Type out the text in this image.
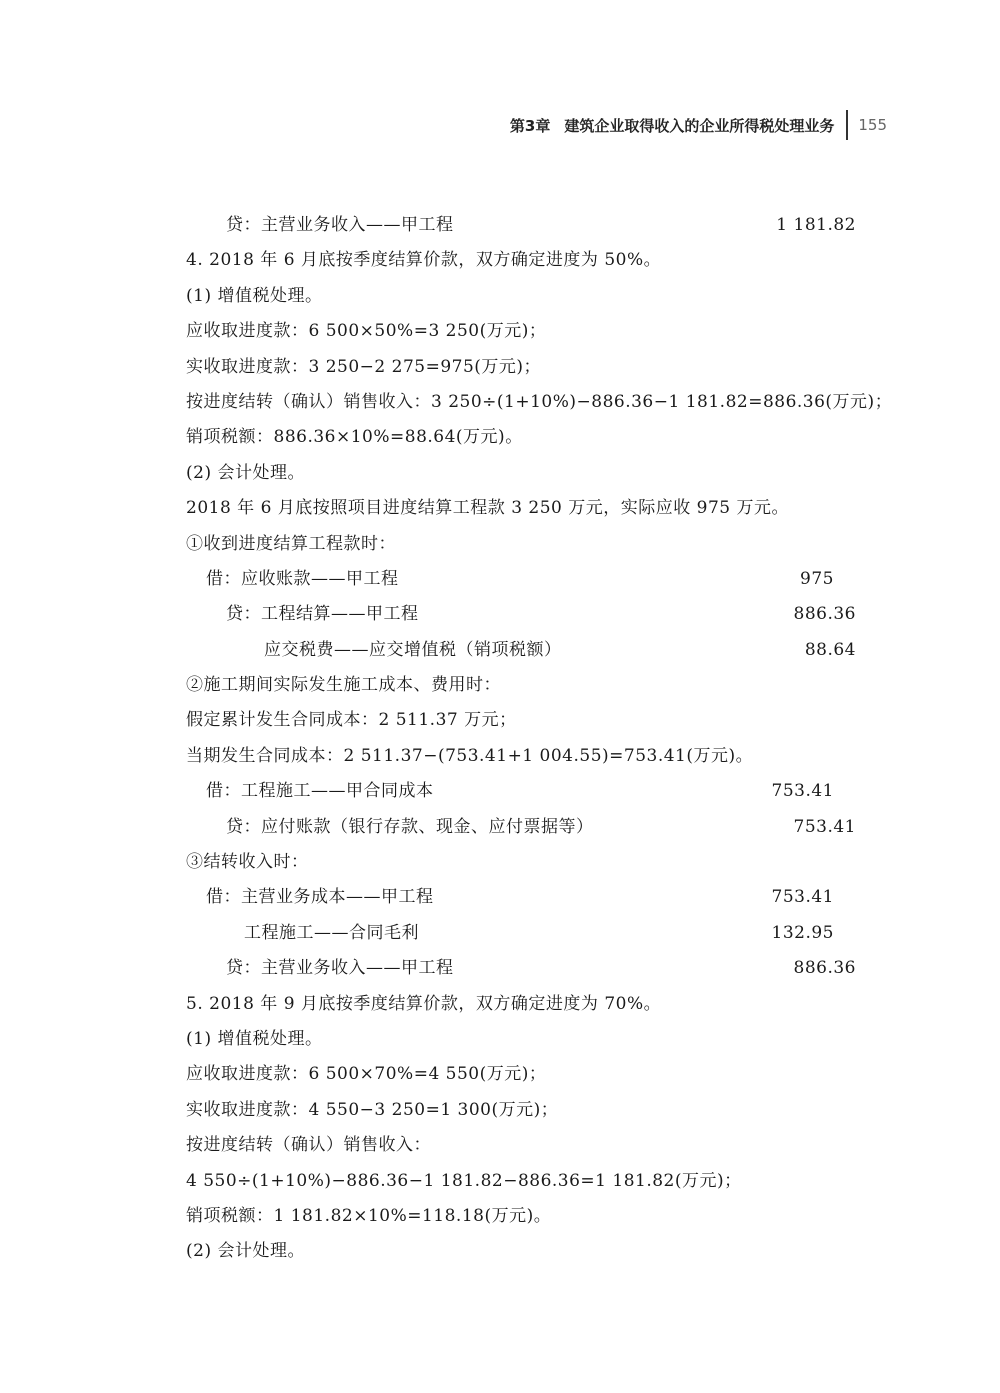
第3章 建筑企业取得收入的企业所得税处理业务 155
贷：主营业务收入——甲工程	1 181.82
4. 2018 年 6 月底按季度结算价款，双方确定进度为 50%。
(1) 增值税处理。
应收取进度款：6 500×50%=3 250(万元)；
实收取进度款：3 250−2 275=975(万元)；
按进度结转（确认）销售收入：3 250÷(1+10%)−886.36−1 181.82=886.36(万元)；
销项税额：886.36×10%=88.64(万元)。
(2) 会计处理。
2018 年 6 月底按照项目进度结算工程款 3 250 万元，实际应收 975 万元。
①收到进度结算工程款时：
借：应收账款——甲工程	975
贷：工程结算——甲工程	886.36
应交税费——应交增值税（销项税额）	88.64
②施工期间实际发生施工成本、费用时：
假定累计发生合同成本：2 511.37 万元；
当期发生合同成本：2 511.37−(753.41+1 004.55)=753.41(万元)。
借：工程施工——甲合同成本	753.41
贷：应付账款（银行存款、现金、应付票据等）	753.41
③结转收入时：
借：主营业务成本——甲工程	753.41
工程施工——合同毛利	132.95
贷：主营业务收入——甲工程	886.36
5. 2018 年 9 月底按季度结算价款，双方确定进度为 70%。
(1) 增值税处理。
应收取进度款：6 500×70%=4 550(万元)；
实收取进度款：4 550−3 250=1 300(万元)；
按进度结转（确认）销售收入：
4 550÷(1+10%)−886.36−1 181.82−886.36=1 181.82(万元)；
销项税额：1 181.82×10%=118.18(万元)。
(2) 会计处理。
